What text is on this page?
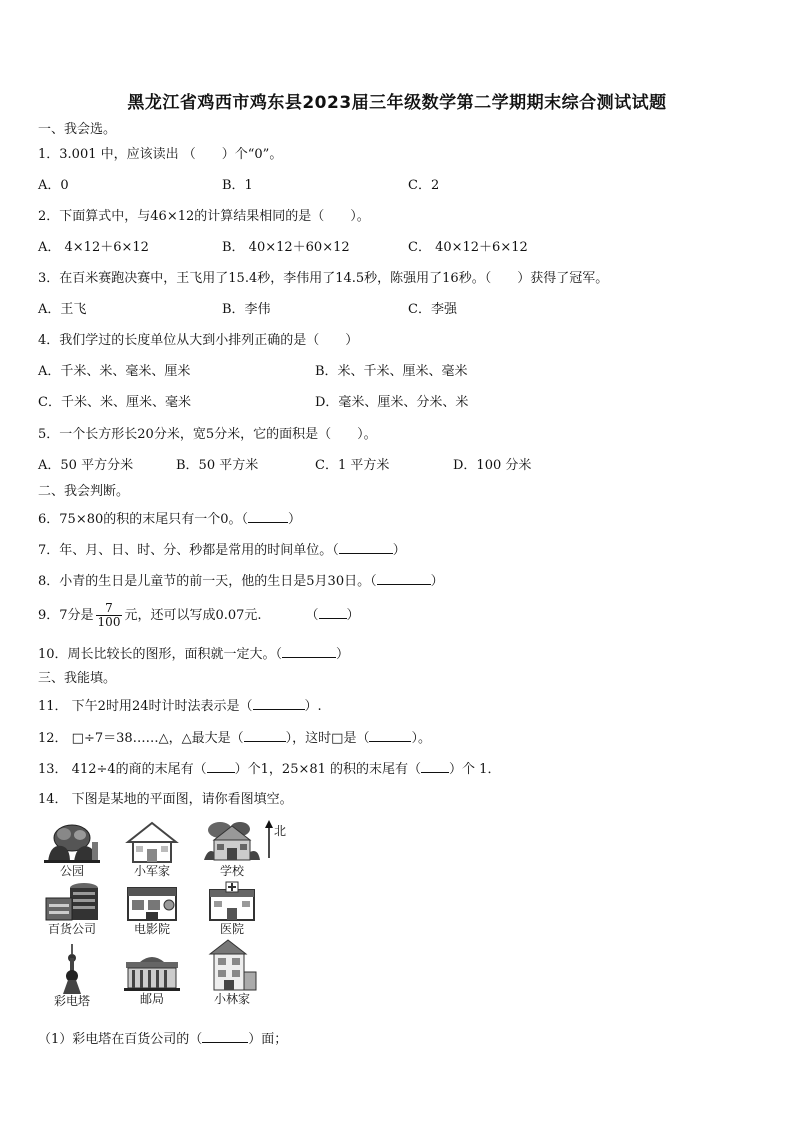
黑龙江省鸡西市鸡东县2023届三年级数学第二学期期末综合测试试题
一、我会选。
1．3.001 中，应该读出 （　　）个“0”。
A．0	B．1	C．2
2．下面算式中，与46×12的计算结果相同的是（　　）。
A． 4×12＋6×12	B． 40×12＋60×12	C． 40×12＋6×12
3．在百米赛跑决赛中，王飞用了15.4秒，李伟用了14.5秒，陈强用了16秒。（　　）获得了冠军。
A．王飞	B．李伟	C．李强
4．我们学过的长度单位从大到小排列正确的是（　　）
A．千米、米、毫米、厘米	B．米、千米、厘米、毫米
C．千米、米、厘米、毫米	D．毫米、厘米、分米、米
5．一个长方形长20分米，宽5分米，它的面积是（　　）。
A．50 平方分米	B．50 平方米	C．1 平方米	D．100 分米
二、我会判断。
6．75×80的积的末尾只有一个0。（	）
7．年、月、日、时、分、秒都是常用的时间单位。（	）
8．小青的生日是儿童节的前一天，他的生日是5月30日。（	）
9．7分是 $\frac{7}{100}$ 元，还可以写成0.07元.	（ ）
10．周长比较长的图形，面积就一定大。（	）
三、我能填。
11． 下午2时用24时计时法表示是（	）.
12． □÷7＝38……△，△最大是（	），这时□是（	）。
13． 412÷4的商的末尾有（ ）个1，25×81 的积的末尾有（ ）个 1．
14． 下图是某地的平面图，请你看图填空。
公园	小军家	学校
北
百货公司	电影院	医院
彩电塔	邮局	小林家
（1）彩电塔在百货公司的（	）面；
